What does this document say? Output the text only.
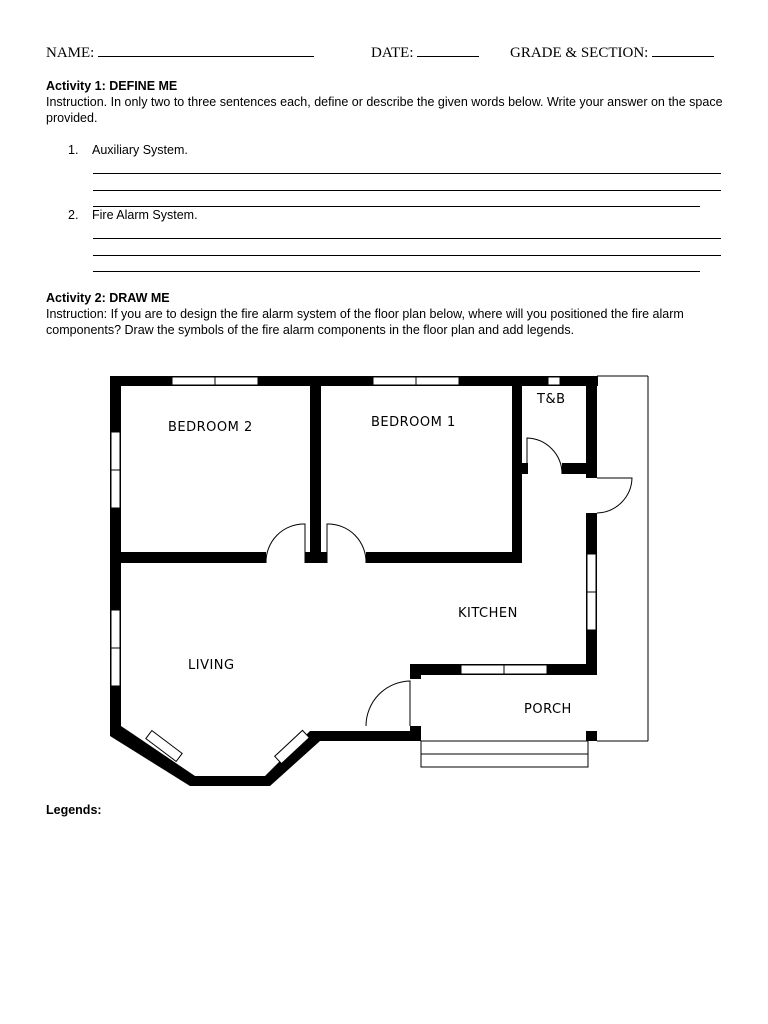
NAME:	DATE:	GRADE & SECTION:
Activity 1: DEFINE ME
Instruction. In only two to three sentences each, define or describe the given words below. Write your answer on the space provided.
1. Auxiliary System.
2. Fire Alarm System.
Activity 2: DRAW ME
Instruction: If you are to design the fire alarm system of the floor plan below, where will you positioned the fire alarm components? Draw the symbols of the fire alarm components in the floor plan and add legends.
BEDROOM 2	BEDROOM 1
T&B
KITCHEN
LIVING
PORCH
Legends:
